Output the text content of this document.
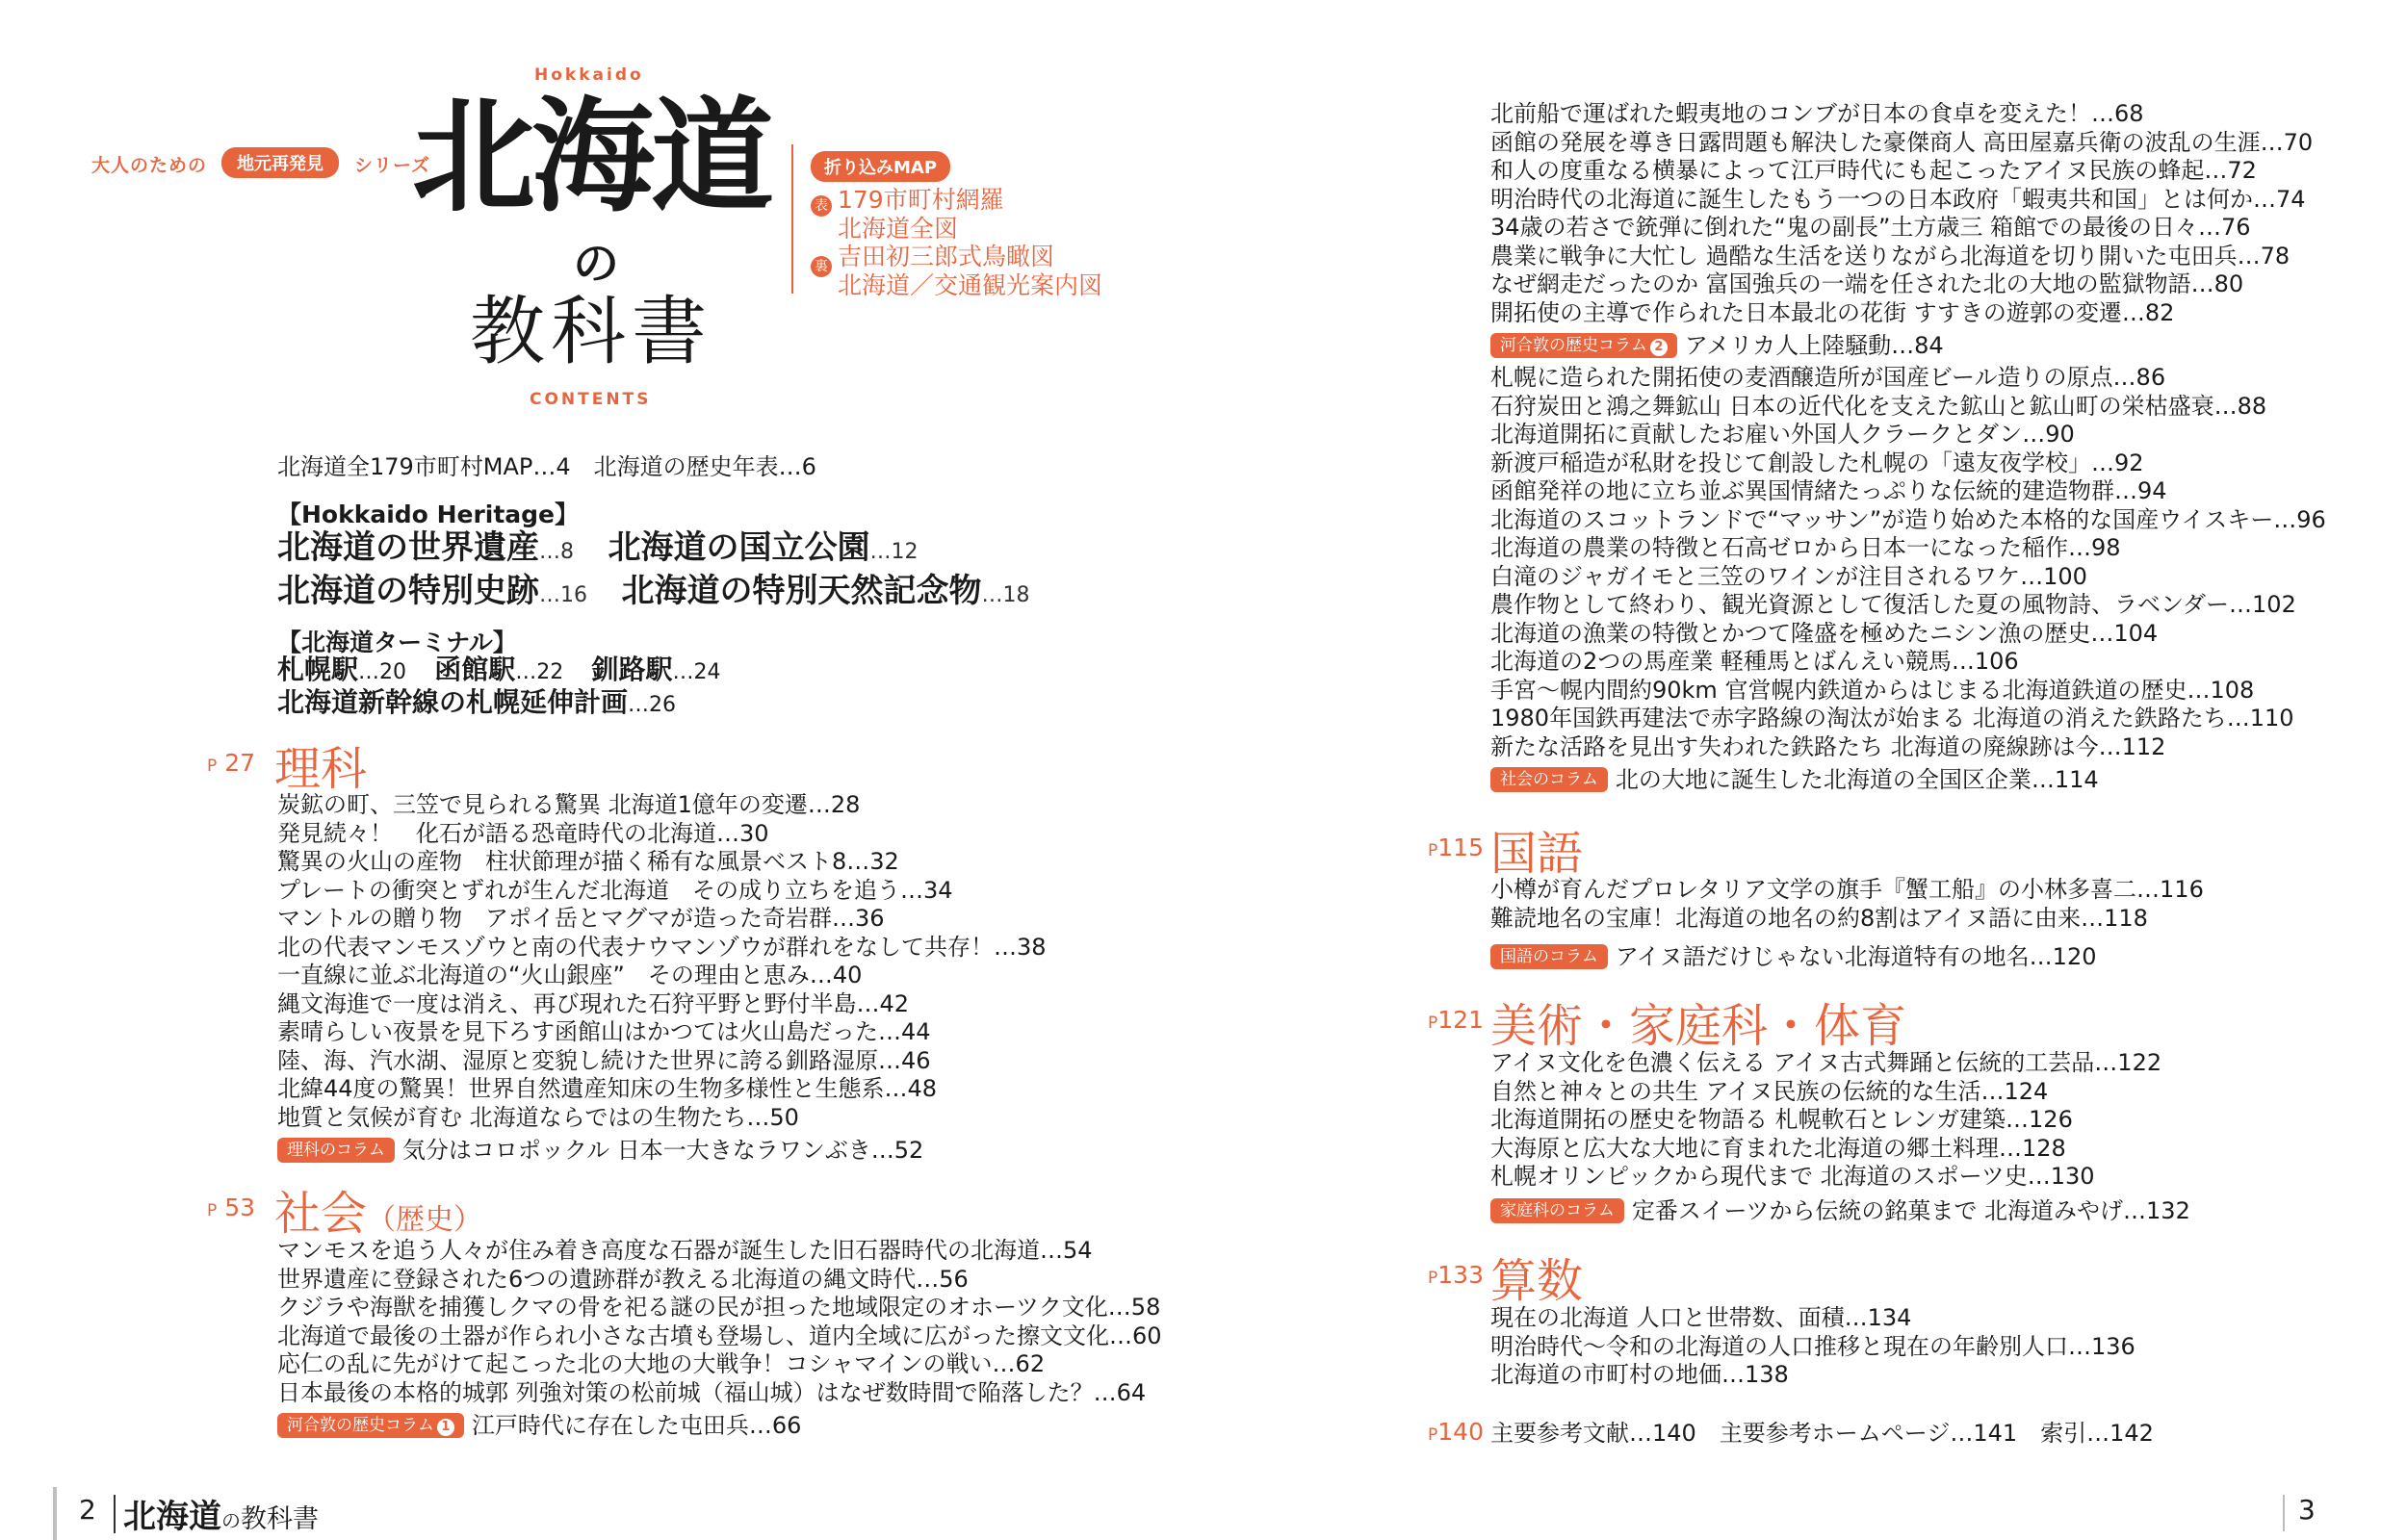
Hokkaido
大人のための	地元再発見	シリーズ
北海道
の
教科書
CONTENTS
折り込みMAP
表 179市町村網羅
北海道全図
裏 吉田初三郎式鳥瞰図
北海道／交通観光案内図
北海道全179市町村MAP…4　北海道の歴史年表…6
【Hokkaido Heritage】
北海道の世界遺産…8 北海道の国立公園…12
北海道の特別史跡…16 北海道の特別天然記念物…18
【北海道ターミナル】
札幌駅…20 函館駅…22 釧路駅…24
北海道新幹線の札幌延伸計画…26
P 27 理科
炭鉱の町、三笠で見られる驚異 北海道1億年の変遷…28
発見続々！　化石が語る恐竜時代の北海道…30
驚異の火山の産物　柱状節理が描く稀有な風景ベスト8…32
プレートの衝突とずれが生んだ北海道　その成り立ちを追う…34
マントルの贈り物　アポイ岳とマグマが造った奇岩群…36
北の代表マンモスゾウと南の代表ナウマンゾウが群れをなして共存！…38
一直線に並ぶ北海道の“火山銀座”　その理由と恵み…40
縄文海進で一度は消え、再び現れた石狩平野と野付半島…42
素晴らしい夜景を見下ろす函館山はかつては火山島だった…44
陸、海、汽水湖、湿原と変貌し続けた世界に誇る釧路湿原…46
北緯44度の驚異！世界自然遺産知床の生物多様性と生態系…48
地質と気候が育む 北海道ならではの生物たち…50
理科のコラム 気分はコロポックル 日本一大きなラワンぶき…52
P 53 社会（歴史）
マンモスを追う人々が住み着き高度な石器が誕生した旧石器時代の北海道…54
世界遺産に登録された6つの遺跡群が教える北海道の縄文時代…56
クジラや海獣を捕獲しクマの骨を祀る謎の民が担った地域限定のオホーツク文化…58
北海道で最後の土器が作られ小さな古墳も登場し、道内全域に広がった擦文文化…60
応仁の乱に先がけて起こった北の大地の大戦争！コシャマインの戦い…62
日本最後の本格的城郭 列強対策の松前城（福山城）はなぜ数時間で陥落した？…64
河合敦の歴史コラム 1 江戸時代に存在した屯田兵…66
北前船で運ばれた蝦夷地のコンブが日本の食卓を変えた！…68
函館の発展を導き日露問題も解決した豪傑商人 高田屋嘉兵衛の波乱の生涯…70
和人の度重なる横暴によって江戸時代にも起こったアイヌ民族の蜂起…72
明治時代の北海道に誕生したもう一つの日本政府「蝦夷共和国」とは何か…74
34歳の若さで銃弾に倒れた“鬼の副長”土方歳三 箱館での最後の日々…76
農業に戦争に大忙し 過酷な生活を送りながら北海道を切り開いた屯田兵…78
なぜ網走だったのか 富国強兵の一端を任された北の大地の監獄物語…80
開拓使の主導で作られた日本最北の花街 すすきの遊郭の変遷…82
河合敦の歴史コラム 2 アメリカ人上陸騒動…84
札幌に造られた開拓使の麦酒醸造所が国産ビール造りの原点…86
石狩炭田と鴻之舞鉱山 日本の近代化を支えた鉱山と鉱山町の栄枯盛衰…88
北海道開拓に貢献したお雇い外国人クラークとダン…90
新渡戸稲造が私財を投じて創設した札幌の「遠友夜学校」…92
函館発祥の地に立ち並ぶ異国情緒たっぷりな伝統的建造物群…94
北海道のスコットランドで“マッサン”が造り始めた本格的な国産ウイスキー…96
北海道の農業の特徴と石高ゼロから日本一になった稲作…98
白滝のジャガイモと三笠のワインが注目されるワケ…100
農作物として終わり、観光資源として復活した夏の風物詩、ラベンダー…102
北海道の漁業の特徴とかつて隆盛を極めたニシン漁の歴史…104
北海道の2つの馬産業 軽種馬とばんえい競馬…106
手宮～幌内間約90km 官営幌内鉄道からはじまる北海道鉄道の歴史…108
1980年国鉄再建法で赤字路線の淘汰が始まる 北海道の消えた鉄路たち…110
新たな活路を見出す失われた鉄路たち 北海道の廃線跡は今…112
社会のコラム 北の大地に誕生した北海道の全国区企業…114
P115 国語
小樽が育んだプロレタリア文学の旗手『蟹工船』の小林多喜二…116
難読地名の宝庫！北海道の地名の約8割はアイヌ語に由来…118
国語のコラム アイヌ語だけじゃない北海道特有の地名…120
P121 美術・家庭科・体育
アイヌ文化を色濃く伝える アイヌ古式舞踊と伝統的工芸品…122
自然と神々との共生 アイヌ民族の伝統的な生活…124
北海道開拓の歴史を物語る 札幌軟石とレンガ建築…126
大海原と広大な大地に育まれた北海道の郷土料理…128
札幌オリンピックから現代まで 北海道のスポーツ史…130
家庭科のコラム 定番スイーツから伝統の銘菓まで 北海道みやげ…132
P133 算数
現在の北海道 人口と世帯数、面積…134
明治時代～令和の北海道の人口推移と現在の年齢別人口…136
北海道の市町村の地価…138
P140 主要参考文献…140　主要参考ホームページ…141　索引…142
2 北海道の教科書	3
